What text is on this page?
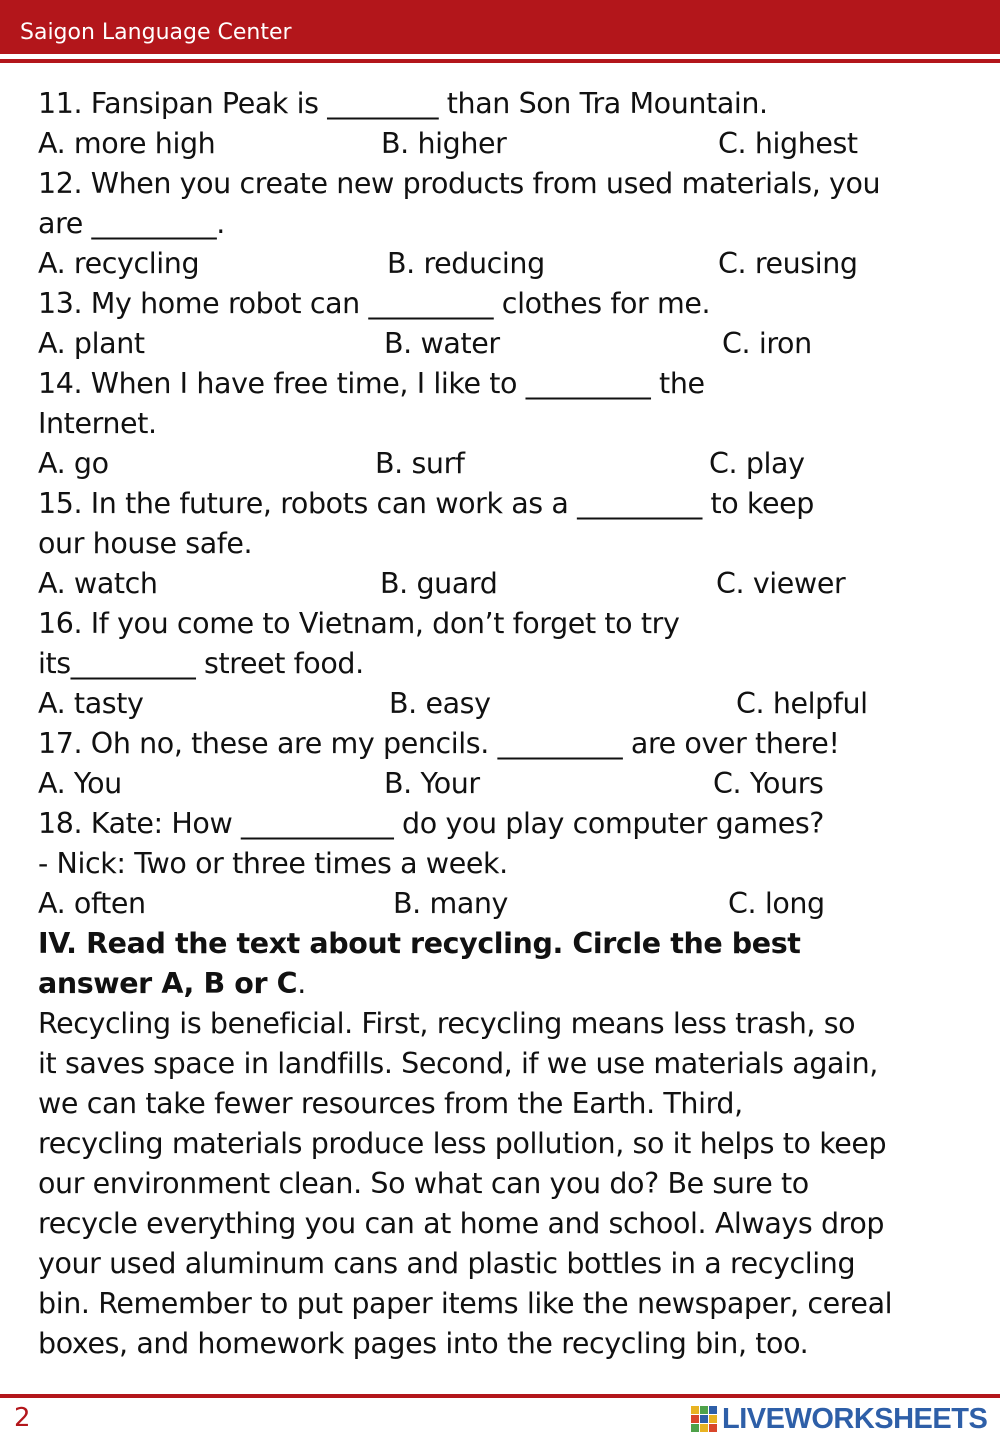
Saigon Language Center
11. Fansipan Peak is ________ than Son Tra Mountain.
A. more high	B. higher	C. highest
12. When you create new products from used materials, you
are _________.
A. recycling	B. reducing	C. reusing
13. My home robot can _________ clothes for me.
A. plant	B. water	C. iron
14. When I have free time, I like to _________ the
Internet.
A. go	B. surf	C. play
15. In the future, robots can work as a _________ to keep
our house safe.
A. watch	B. guard	C. viewer
16. If you come to Vietnam, don’t forget to try
its_________ street food.
A. tasty	B. easy	C. helpful
17. Oh no, these are my pencils. _________ are over there!
A. You	B. Your	C. Yours
18. Kate: How ___________ do you play computer games?
- Nick: Two or three times a week.
A. often	B. many	C. long
IV. Read the text about recycling. Circle the best
answer A, B or C.
Recycling is beneficial. First, recycling means less trash, so
it saves space in landfills. Second, if we use materials again,
we can take fewer resources from the Earth. Third,
recycling materials produce less pollution, so it helps to keep
our environment clean. So what can you do? Be sure to
recycle everything you can at home and school. Always drop
your used aluminum cans and plastic bottles in a recycling
bin. Remember to put paper items like the newspaper, cereal
boxes, and homework pages into the recycling bin, too.
2	LIVEWORKSHEETS
